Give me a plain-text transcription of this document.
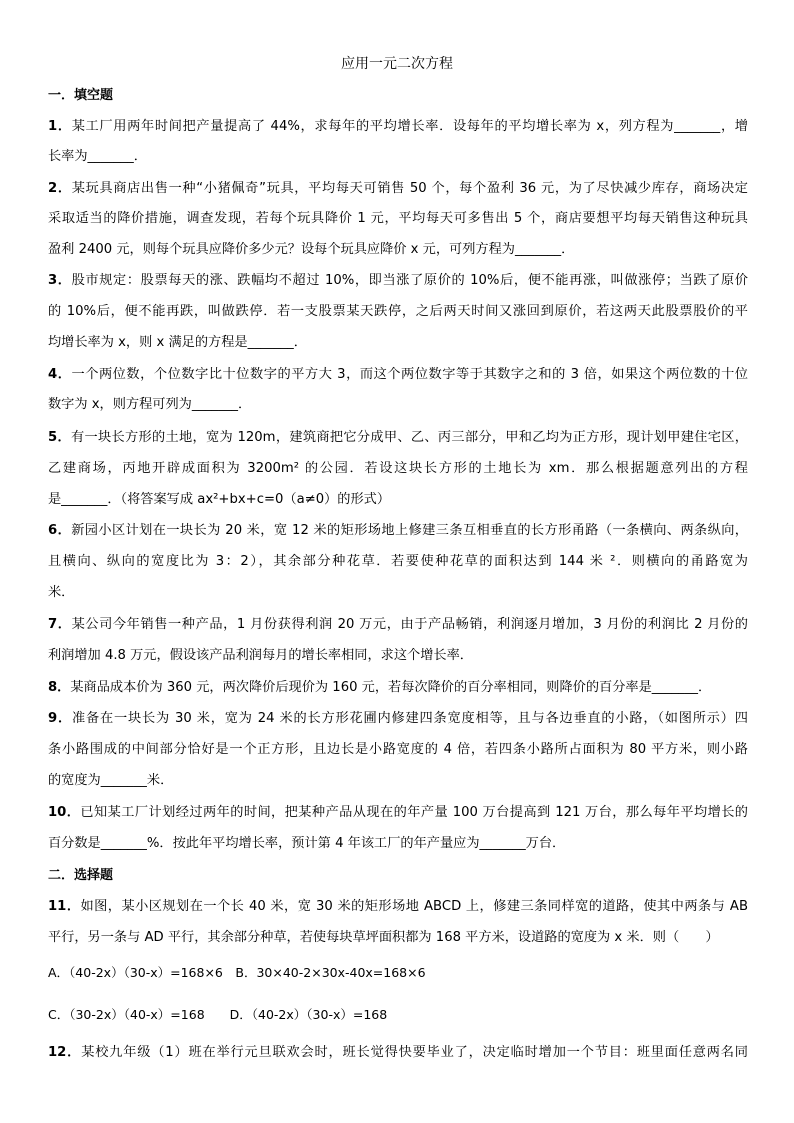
应用一元二次方程
一．填空题
1．某工厂用两年时间把产量提高了 44%，求每年的平均增长率．设每年的平均增长率为 x，列方程为_______，增
长率为_______．
2．某玩具商店出售一种“小猪佩奇”玩具，平均每天可销售 50 个，每个盈利 36 元，为了尽快减少库存，商场决定
采取适当的降价措施，调查发现，若每个玩具降价 1 元，平均每天可多售出 5 个，商店要想平均每天销售这种玩具
盈利 2400 元，则每个玩具应降价多少元？设每个玩具应降价 x 元，可列方程为_______．
3．股市规定：股票每天的涨、跌幅均不超过 10%，即当涨了原价的 10%后，便不能再涨，叫做涨停；当跌了原价
的 10%后，便不能再跌，叫做跌停．若一支股票某天跌停，之后两天时间又涨回到原价，若这两天此股票股价的平
均增长率为 x，则 x 满足的方程是_______．
4．一个两位数，个位数字比十位数字的平方大 3，而这个两位数字等于其数字之和的 3 倍，如果这个两位数的十位
数字为 x，则方程可列为_______．
5．有一块长方形的土地，宽为 120m，建筑商把它分成甲、乙、丙三部分，甲和乙均为正方形，现计划甲建住宅区，
乙建商场，丙地开辟成面积为 3200m² 的公园．若设这块长方形的土地长为 xm．那么根据题意列出的方程
是_______．（将答案写成 ax²+bx+c=0（a≠0）的形式）
6．新园小区计划在一块长为 20 米，宽 12 米的矩形场地上修建三条互相垂直的长方形甬路（一条横向、两条纵向，
且横向、纵向的宽度比为 3：2），其余部分种花草．若要使种花草的面积达到 144 米 ²．则横向的甬路宽为
米．
7．某公司今年销售一种产品，1 月份获得利润 20 万元，由于产品畅销，利润逐月增加，3 月份的利润比 2 月份的
利润增加 4.8 万元，假设该产品利润每月的增长率相同，求这个增长率．
8．某商品成本价为 360 元，两次降价后现价为 160 元，若每次降价的百分率相同，则降价的百分率是_______．
9．准备在一块长为 30 米，宽为 24 米的长方形花圃内修建四条宽度相等，且与各边垂直的小路，（如图所示）四
条小路围成的中间部分恰好是一个正方形，且边长是小路宽度的 4 倍，若四条小路所占面积为 80 平方米，则小路
的宽度为_______米．
10．已知某工厂计划经过两年的时间，把某种产品从现在的年产量 100 万台提高到 121 万台，那么每年平均增长的
百分数是_______%．按此年平均增长率，预计第 4 年该工厂的年产量应为_______万台．
二．选择题
11．如图，某小区规划在一个长 40 米，宽 30 米的矩形场地 ABCD 上，修建三条同样宽的道路，使其中两条与 AB
平行，另一条与 AD 平行，其余部分种草，若使每块草坪面积都为 168 平方米，设道路的宽度为 x 米．则（　　）
A．（40-2x）（30-x）=168×6　B．30×40-2×30x-40x=168×6
C．（30-2x）（40-x）=168　　D．（40-2x）（30-x）=168
12．某校九年级（1）班在举行元旦联欢会时，班长觉得快要毕业了，决定临时增加一个节目：班里面任意两名同
